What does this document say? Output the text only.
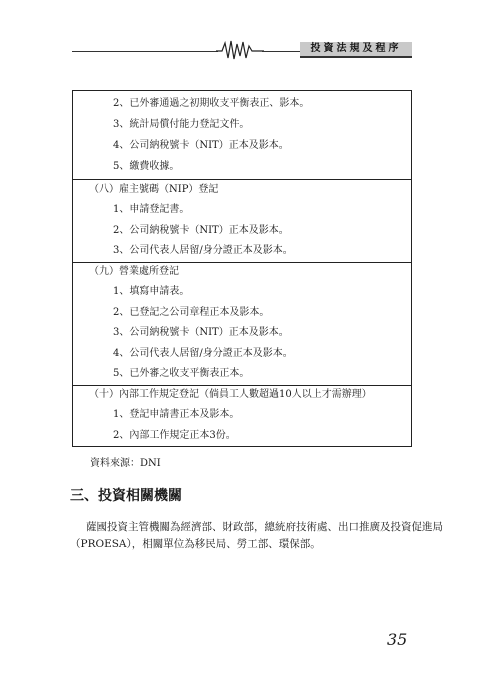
投資法規及程序
2、已外審通過之初期收支平衡表正、影本。
3、統計局償付能力登記文件。
4、公司納稅號卡（NIT）正本及影本。
5、繳費收據。
（八）雇主號碼（NIP）登記
1、申請登記書。
2、公司納稅號卡（NIT）正本及影本。
3、公司代表人居留/身分證正本及影本。
（九）營業處所登記
1、填寫申請表。
2、已登記之公司章程正本及影本。
3、公司納稅號卡（NIT）正本及影本。
4、公司代表人居留/身分證正本及影本。
5、已外審之收支平衡表正本。
（十）內部工作規定登記（倘員工人數超過10人以上才需辦理）
1、登記申請書正本及影本。
2、內部工作規定正本3份。
資料來源：DNI
三、投資相關機關
薩國投資主管機關為經濟部、財政部，總統府技術處、出口推廣及投資促進局
（PROESA），相關單位為移民局、勞工部、環保部。
35
